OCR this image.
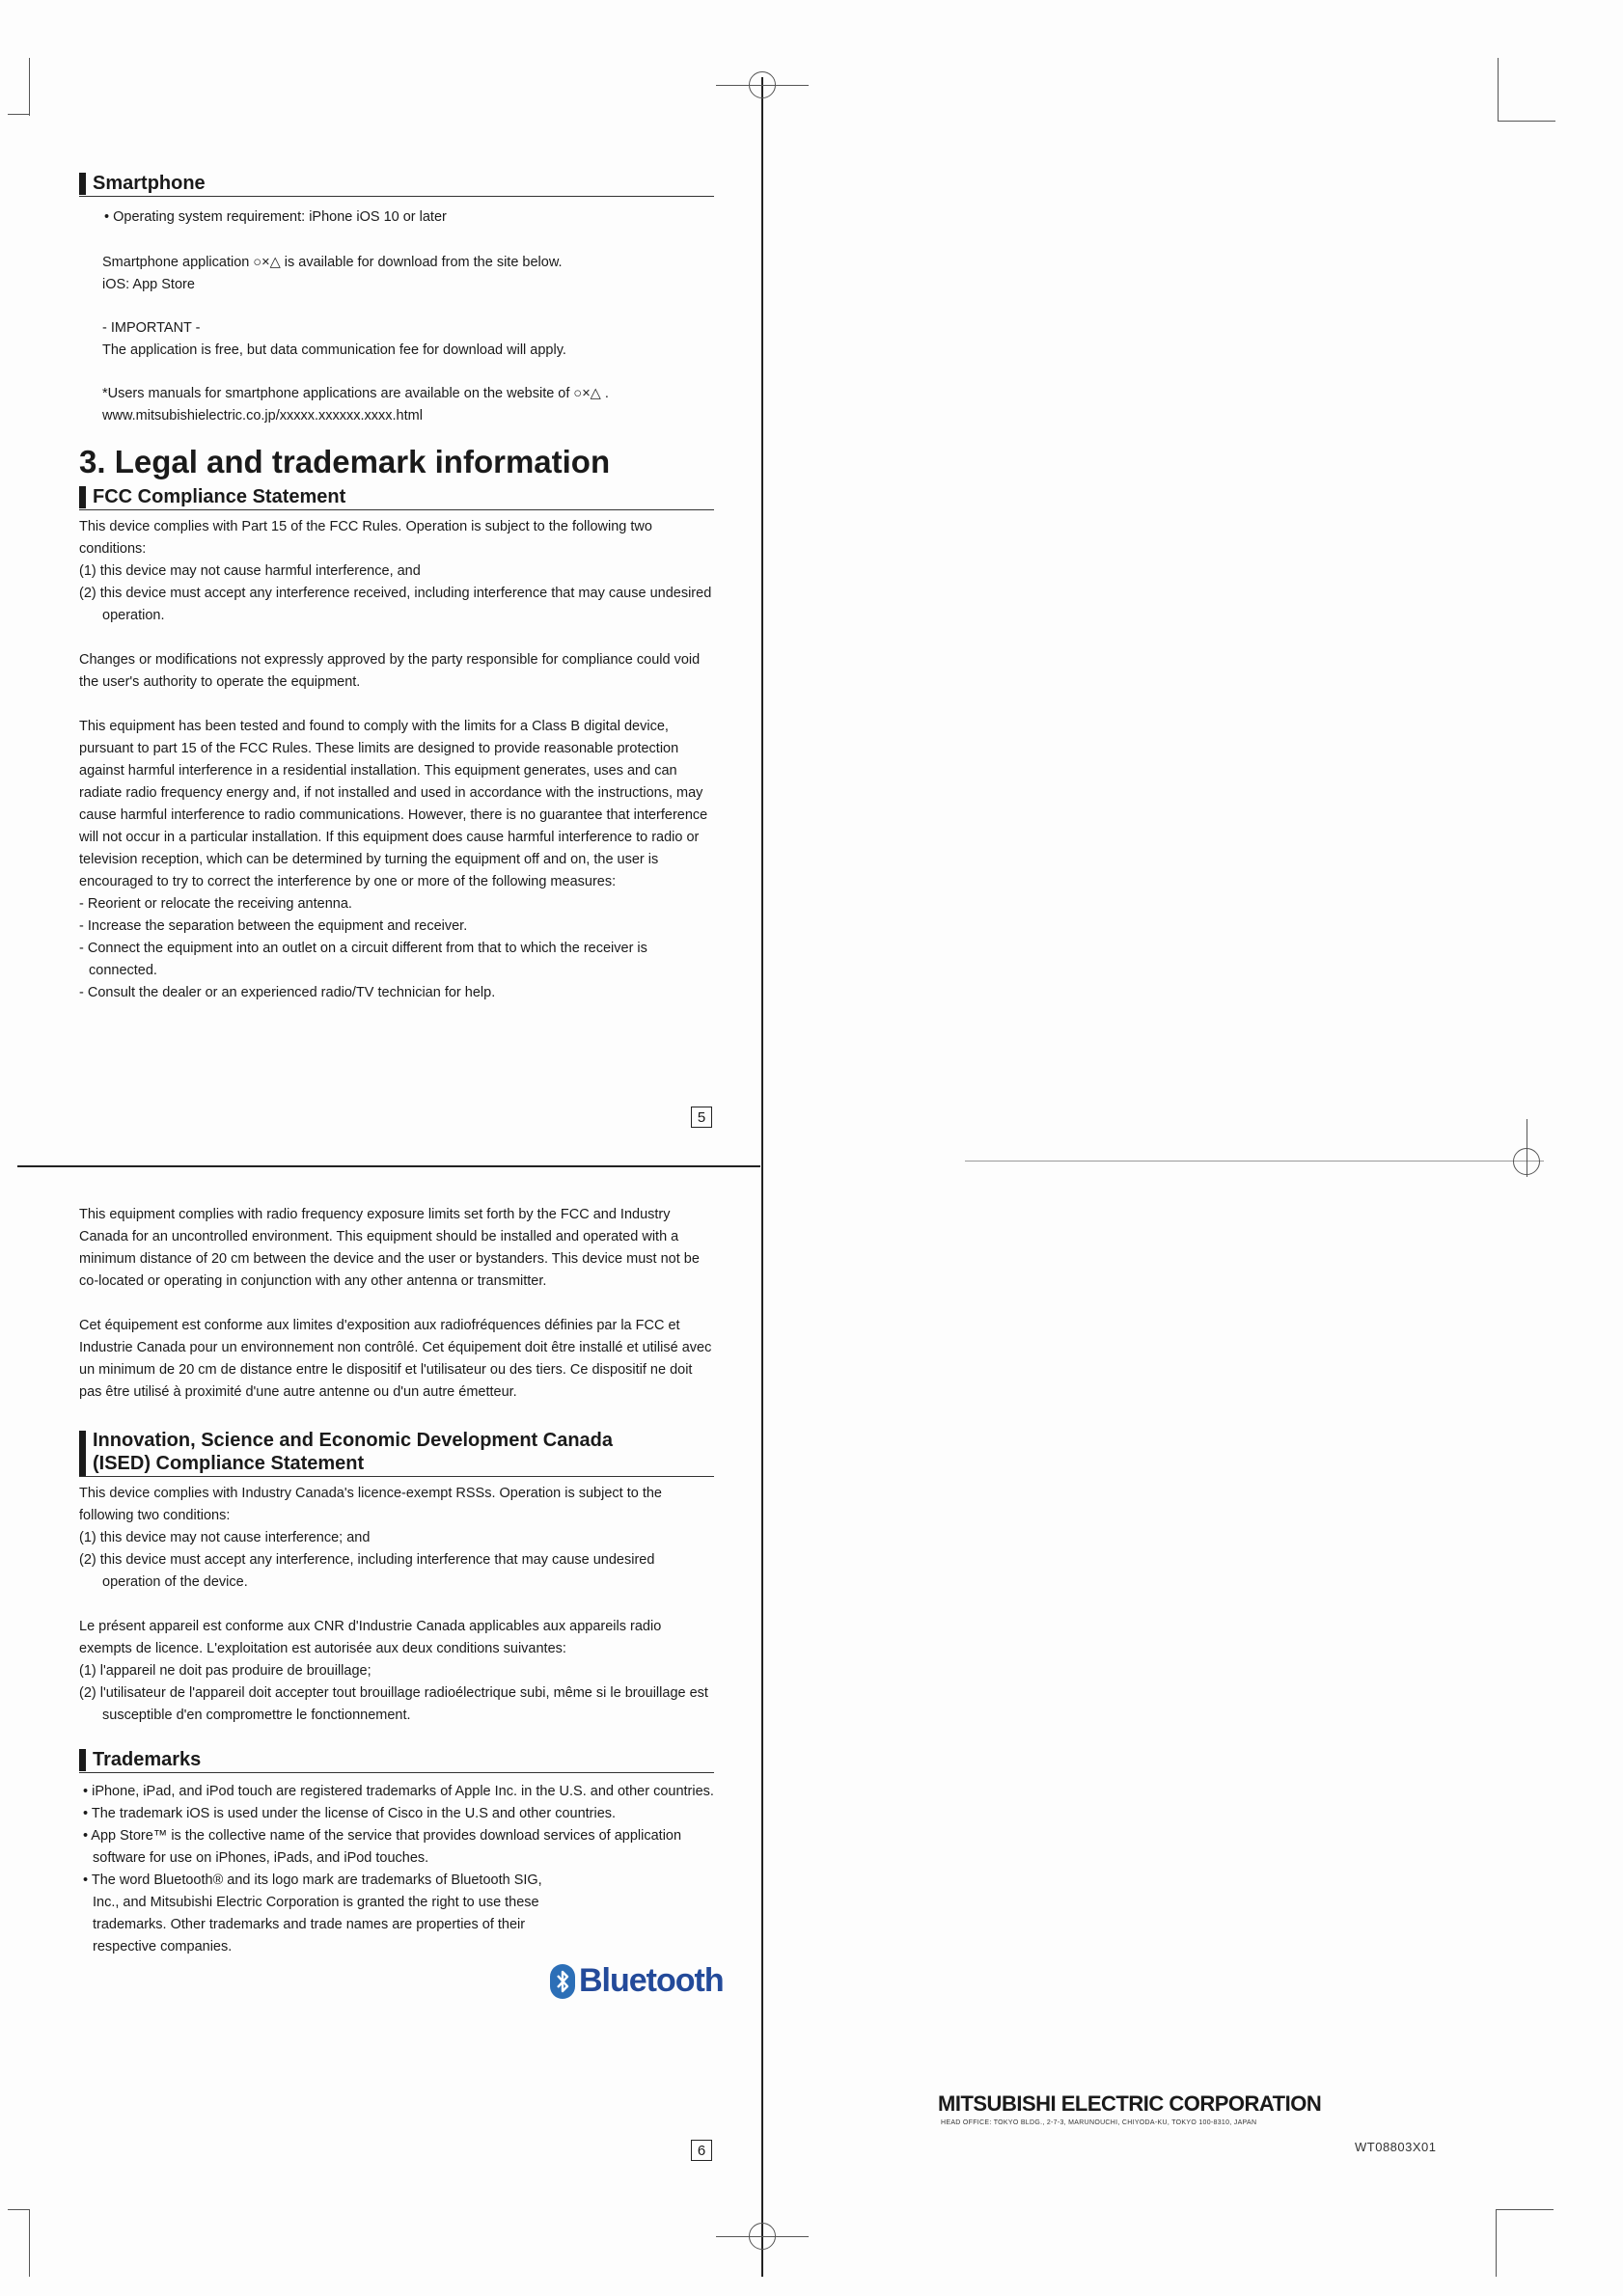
Smartphone

• Operating system requirement: iPhone iOS 10 or later

Smartphone application ○×△ is available for download from the site below.

iOS: App Store

- IMPORTANT -

The application is free, but data communication fee for download will apply.

*Users manuals for smartphone applications are available on the website of ○×△ .

www.mitsubishielectric.co.jp/xxxxx.xxxxxx.xxxx.html

3. Legal and trademark information
FCC Compliance Statement

This device complies with Part 15 of the FCC Rules. Operation is subject to the following two conditions:

(1) this device may not cause harmful interference, and

(2) this device must accept any interference received, including interference that may cause undesired operation.

Changes or modifications not expressly approved by the party responsible for compliance could void the user's authority to operate the equipment.

This equipment has been tested and found to comply with the limits for a Class B digital device, pursuant to part 15 of the FCC Rules. These limits are designed to provide reasonable protection against harmful interference in a residential installation. This equipment generates, uses and can radiate radio frequency energy and, if not installed and used in accordance with the instructions, may cause harmful interference to radio communications. However, there is no guarantee that interference will not occur in a particular installation. If this equipment does cause harmful interference to radio or television reception, which can be determined by turning the equipment off and on, the user is encouraged to try to correct the interference by one or more of the following measures:

- Reorient or relocate the receiving antenna.

- Increase the separation between the equipment and receiver.

- Connect the equipment into an outlet on a circuit different from that to which the receiver is connected.

- Consult the dealer or an experienced radio/TV technician for help.

5

This equipment complies with radio frequency exposure limits set forth by the FCC and Industry Canada for an uncontrolled environment. This equipment should be installed and operated with a minimum distance of 20 cm between the device and the user or bystanders. This device must not be co-located or operating in conjunction with any other antenna or transmitter.

Cet équipement est conforme aux limites d'exposition aux radiofréquences définies par la FCC et Industrie Canada pour un environnement non contrôlé. Cet équipement doit être installé et utilisé avec un minimum de 20 cm de distance entre le dispositif et l'utilisateur ou des tiers. Ce dispositif ne doit pas être utilisé à proximité d'une autre antenne ou d'un autre émetteur.

Innovation, Science and Economic Development Canada
(ISED) Compliance Statement

This device complies with Industry Canada's licence-exempt RSSs. Operation is subject to the following two conditions:

(1) this device may not cause interference; and

(2) this device must accept any interference, including interference that may cause undesired operation of the device.

Le présent appareil est conforme aux CNR d'Industrie Canada applicables aux appareils radio exempts de licence. L'exploitation est autorisée aux deux conditions suivantes:

(1) l'appareil ne doit pas produire de brouillage;

(2) l'utilisateur de l'appareil doit accepter tout brouillage radioélectrique subi, même si le brouillage est susceptible d'en compromettre le fonctionnement.

Trademarks

• iPhone, iPad, and iPod touch are registered trademarks of Apple Inc. in the U.S. and other countries.

• The trademark iOS is used under the license of Cisco in the U.S and other countries.

• App Store™ is the collective name of the service that provides download services of application software for use on iPhones, iPads, and iPod touches.

• The word Bluetooth® and its logo mark are trademarks of Bluetooth SIG, Inc., and Mitsubishi Electric Corporation is granted the right to use these trademarks. Other trademarks and trade names are properties of their respective companies.

Bluetooth
6
MITSUBISHI ELECTRIC CORPORATION
HEAD OFFICE: TOKYO BLDG., 2-7-3, MARUNOUCHI, CHIYODA-KU, TOKYO 100-8310, JAPAN
WT08803X01
